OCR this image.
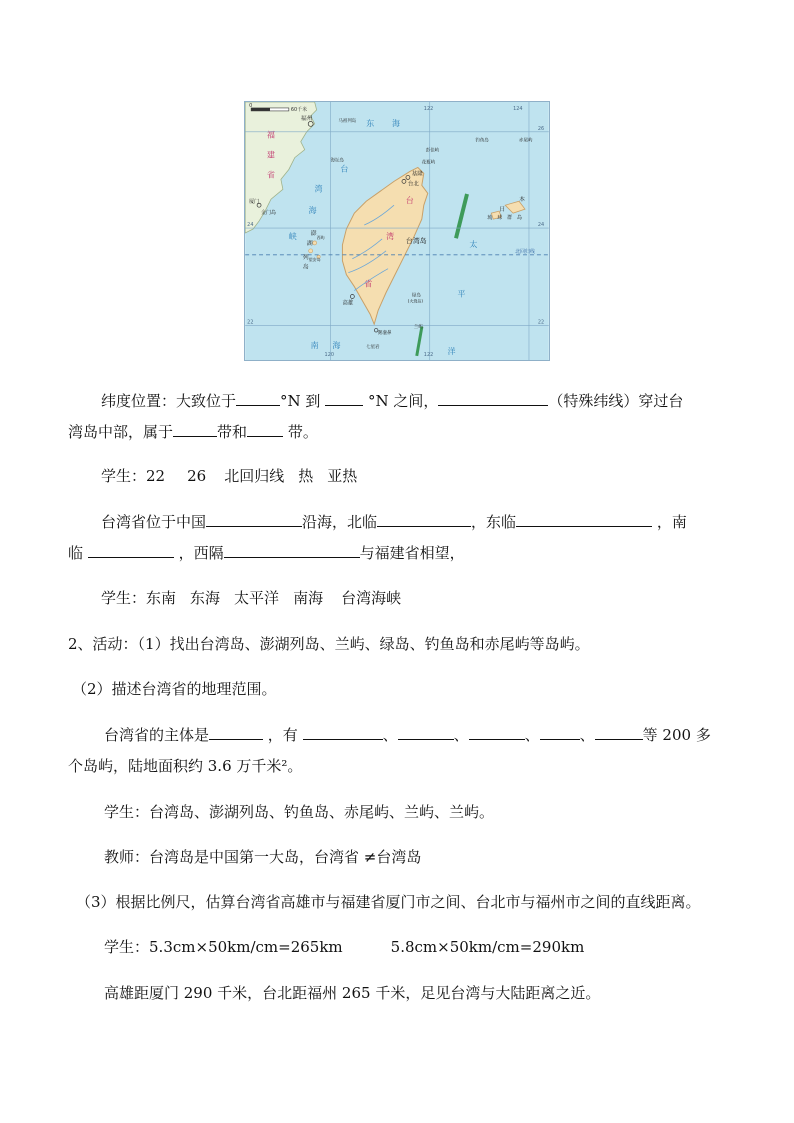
0
60千米
120
122
122
124
26
24	24
22	22
北回归线
福州	马祖列岛
彭佳屿
钓鱼岛	赤尾屿
花瓶屿
基隆
台北
海坛岛
厦门
金门岛
台湾岛
高雄
绿岛
(火烧岛)
兰屿
鹅銮鼻
七星岩
琉　球　群　岛
望安岛
西屿
福
建
省
东 海
台
湾
海
峡 澎
湖
列
岛
台
湾
省
日
本
太
平
洋
南 海
纬度位置：大致位于	°N 到	°N 之间，	（特殊纬线）穿过台
湾岛中部，属于	带和	带。
学生：22 26 北回归线 热 亚热
台湾省位于中国	沿海，北临	，东临	，南
临	，西隔	与福建省相望，
学生：东南 东海 太平洋 南海 台湾海峡
2、活动：（1）找出台湾岛、澎湖列岛、兰屿、绿岛、钓鱼岛和赤尾屿等岛屿。
（2）描述台湾省的地理范围。
台湾省的主体是	，有	、	、	、	、	等 200 多
个岛屿，陆地面积约 3.6 万千米²。
学生：台湾岛、澎湖列岛、钓鱼岛、赤尾屿、兰屿、兰屿。
教师：台湾岛是中国第一大岛，台湾省 ≠台湾岛
（3）根据比例尺，估算台湾省高雄市与福建省厦门市之间、台北市与福州市之间的直线距离。
学生：5.3cm×50km/cm=265km	5.8cm×50km/cm=290km
高雄距厦门 290 千米，台北距福州 265 千米，足见台湾与大陆距离之近。
